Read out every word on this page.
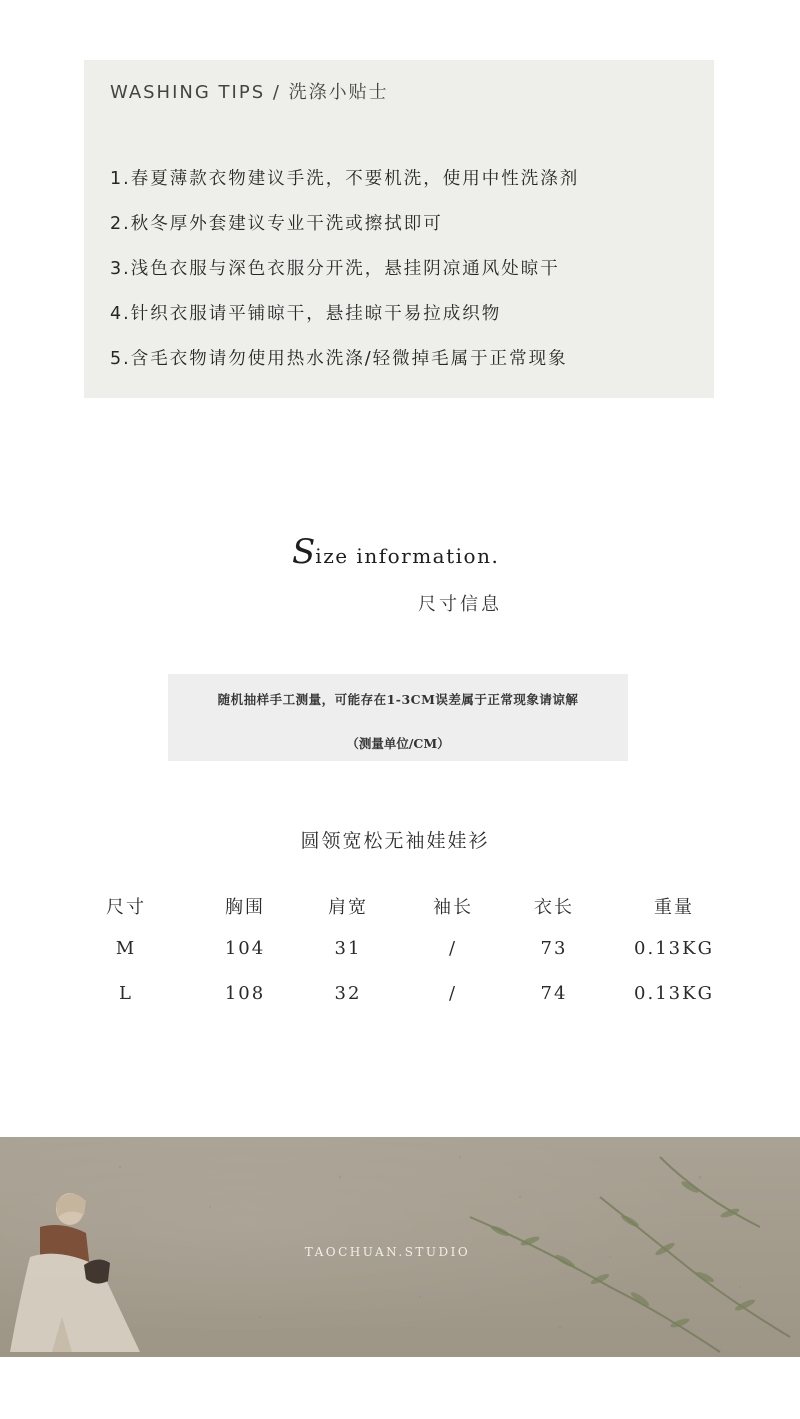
WASHING TIPS / 洗涤小贴士
1.春夏薄款衣物建议手洗，不要机洗，使用中性洗涤剂
2.秋冬厚外套建议专业干洗或擦拭即可
3.浅色衣服与深色衣服分开洗，悬挂阴凉通风处晾干
4.针织衣服请平铺晾干，悬挂晾干易拉成织物
5.含毛衣物请勿使用热水洗涤/轻微掉毛属于正常现象
Size information.
尺寸信息
随机抽样手工测量，可能存在1-3CM误差属于正常现象请谅解
（测量单位/CM）
圆领宽松无袖娃娃衫
尺寸	胸围	肩宽	袖长	衣长	重量
M	104	31	/	73	0.13KG
L	108	32	/	74	0.13KG
TAOCHUAN.STUDIO
